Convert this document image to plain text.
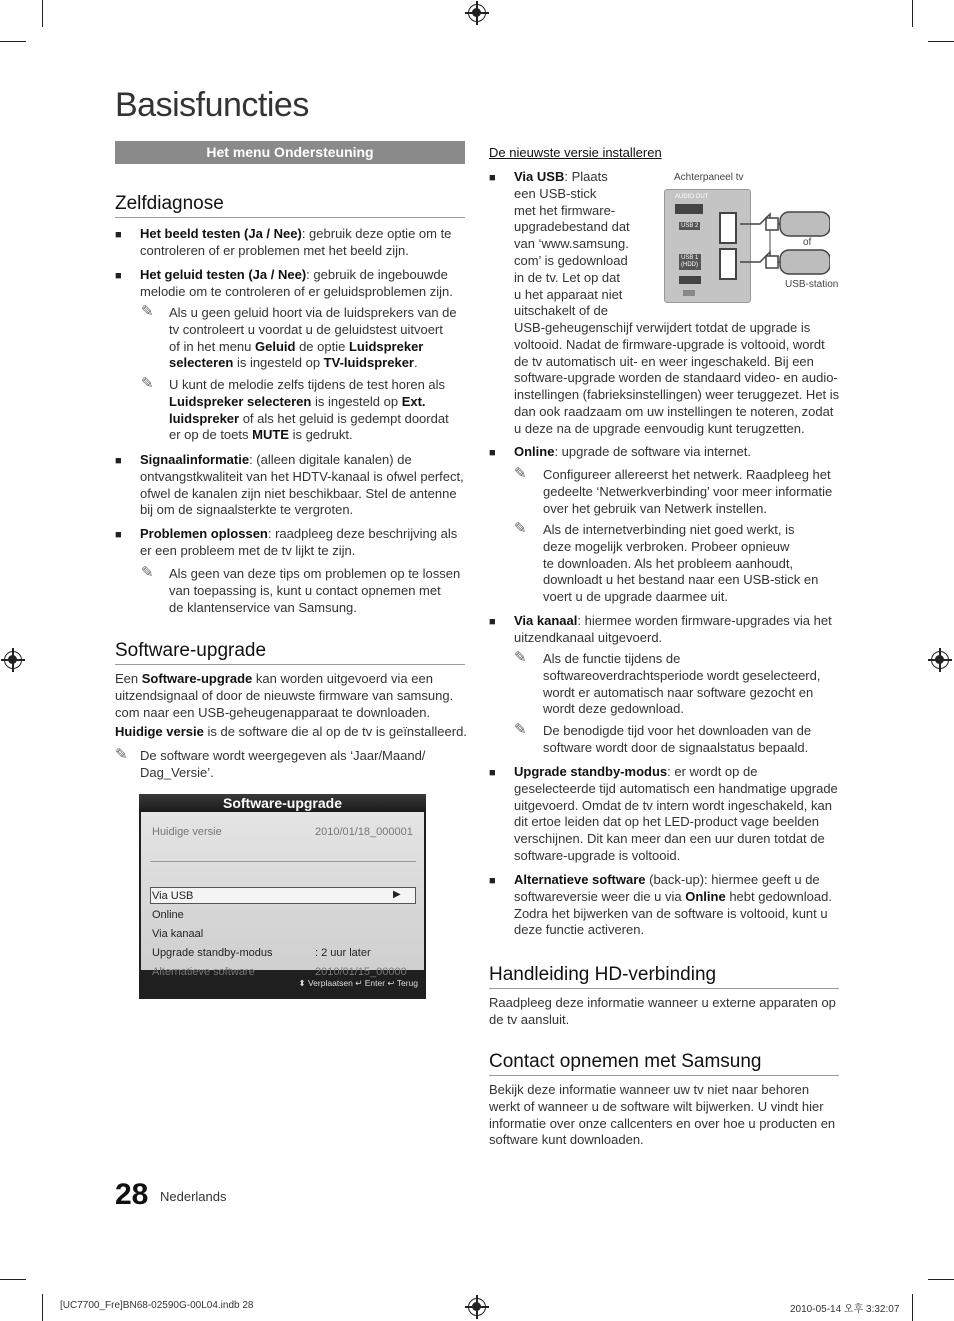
Basisfuncties
Het menu Ondersteuning
Zelfdiagnose
■ Het beeld testen (Ja / Nee): gebruik deze optie om te
controleren of er problemen met het beeld zijn.
■ Het geluid testen (Ja / Nee): gebruik de ingebouwde
melodie om te controleren of er geluidsproblemen zijn.
✎ Als u geen geluid hoort via de luidsprekers van de
tv controleert u voordat u de geluidstest uitvoert
of in het menu Geluid de optie Luidspreker
selecteren is ingesteld op TV-luidspreker.
✎ U kunt de melodie zelfs tijdens de test horen als
Luidspreker selecteren is ingesteld op Ext.
luidspreker of als het geluid is gedempt doordat
er op de toets MUTE is gedrukt.
■ Signaalinformatie: (alleen digitale kanalen) de
ontvangstkwaliteit van het HDTV-kanaal is ofwel perfect,
ofwel de kanalen zijn niet beschikbaar. Stel de antenne
bij om de signaalsterkte te vergroten.
■ Problemen oplossen: raadpleeg deze beschrijving als
er een probleem met de tv lijkt te zijn.
✎ Als geen van deze tips om problemen op te lossen
van toepassing is, kunt u contact opnemen met
de klantenservice van Samsung.
Software-upgrade
Een Software-upgrade kan worden uitgevoerd via een
uitzendsignaal of door de nieuwste firmware van samsung.
com naar een USB-geheugenapparaat te downloaden.
Huidige versie is de software die al op de tv is geïnstalleerd.
✎ De software wordt weergegeven als ‘Jaar/Maand/
Dag_Versie’.
Software-upgrade
Huidige versie	2010/01/18_000001
Via USB	▶
Online
Via kanaal
Upgrade standby-modus	: 2 uur later
Alternatieve software	2010/01/15_00000
⬍ Verplaatsen ↵ Enter ↩ Terug
De nieuwste versie installeren
■ Via USB: Plaats
een USB-stick
met het firmware-
upgradebestand dat
van ‘www.samsung.
com’ is gedownload
in de tv. Let op dat
u het apparaat niet
uitschakelt of de
USB-geheugenschijf verwijdert totdat de upgrade is
voltooid. Nadat de firmware-upgrade is voltooid, wordt
de tv automatisch uit- en weer ingeschakeld. Bij een
software-upgrade worden de standaard video- en audio-
instellingen (fabrieksinstellingen) weer teruggezet. Het is
dan ook raadzaam om uw instellingen te noteren, zodat
u deze na de upgrade eenvoudig kunt terugzetten.
Achterpaneel tv
AUDIO OUT
USB 2
USB 1 (HDD)
of
USB-station
■ Online: upgrade de software via internet.
✎ Configureer allereerst het netwerk. Raadpleeg het
gedeelte ‘Netwerkverbinding’ voor meer informatie
over het gebruik van Netwerk instellen.
✎ Als de internetverbinding niet goed werkt, is
deze mogelijk verbroken. Probeer opnieuw
te downloaden. Als het probleem aanhoudt,
downloadt u het bestand naar een USB-stick en
voert u de upgrade daarmee uit.
■ Via kanaal: hiermee worden firmware-upgrades via het
uitzendkanaal uitgevoerd.
✎ Als de functie tijdens de
softwareoverdrachtsperiode wordt geselecteerd,
wordt er automatisch naar software gezocht en
wordt deze gedownload.
✎ De benodigde tijd voor het downloaden van de
software wordt door de signaalstatus bepaald.
■ Upgrade standby-modus: er wordt op de
geselecteerde tijd automatisch een handmatige upgrade
uitgevoerd. Omdat de tv intern wordt ingeschakeld, kan
dit ertoe leiden dat op het LED-product vage beelden
verschijnen. Dit kan meer dan een uur duren totdat de
software-upgrade is voltooid.
■ Alternatieve software (back-up): hiermee geeft u de
softwareversie weer die u via Online hebt gedownload.
Zodra het bijwerken van de software is voltooid, kunt u
deze functie activeren.
Handleiding HD-verbinding
Raadpleeg deze informatie wanneer u externe apparaten op
de tv aansluit.
Contact opnemen met Samsung
Bekijk deze informatie wanneer uw tv niet naar behoren
werkt of wanneer u de software wilt bijwerken. U vindt hier
informatie over onze callcenters en over hoe u producten en
software kunt downloaden.
28 Nederlands
[UC7700_Fre]BN68-02590G-00L04.indb 28	2010-05-14 오후 3:32:07
